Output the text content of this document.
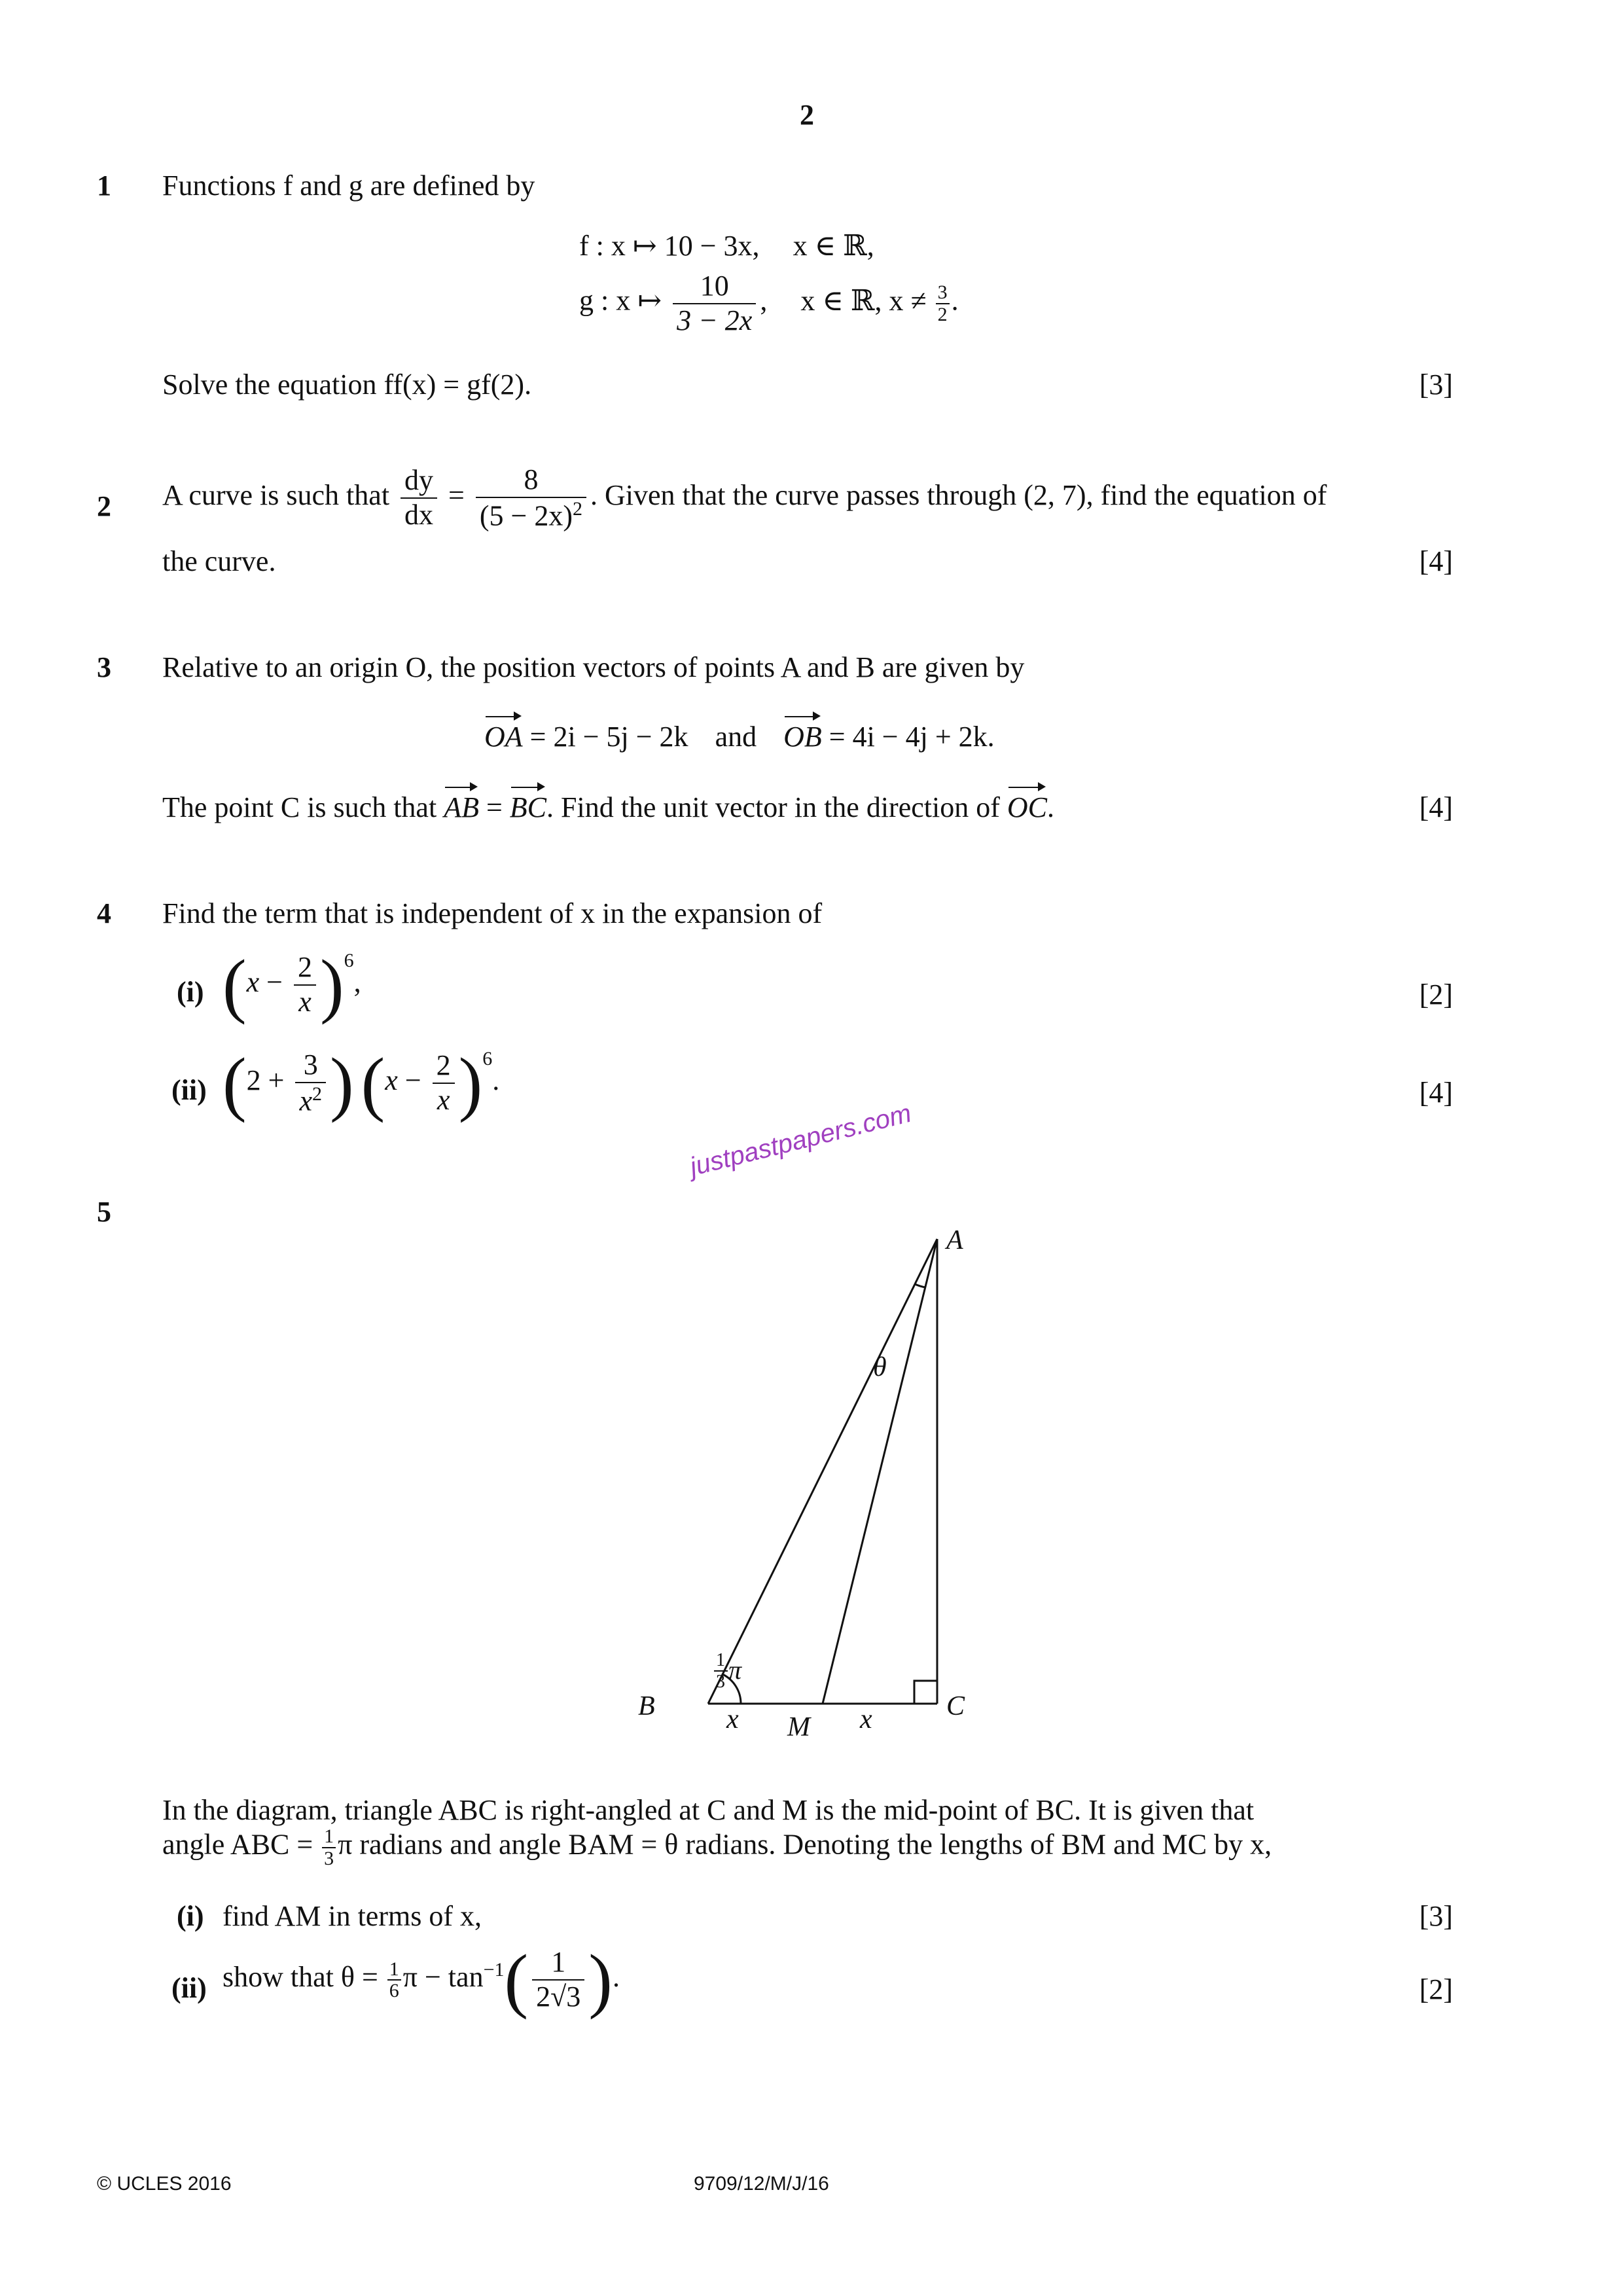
2
1 Functions f and g are defined by
f : x ↦ 10 − 3x, x ∈ ℝ,
g : x ↦ $\frac{10}{3 - 2x}$ , x ∈ ℝ, $x \ne \frac{3}{2}$ .
Solve the equation ff(x) = gf(2).	[3]
2 A curve is such that $\frac{dy}{dx} = \frac{8}{(5 - 2x)^2}$ . Given that the curve passes through (2, 7), find the equation of
the curve.	[4]
3 Relative to an origin O, the position vectors of points A and B are given by
OA = 2i − 5j − 2k and OB = 4i − 4j + 2k.
The point C is such that AB = BC. Find the unit vector in the direction of OC.	[4]
4 Find the term that is independent of x in the expansion of
(i) $(x - \frac{2}{x} )^6$,	[2]
(ii) ($2 + \frac{3}{x^2}$ ) $(x - \frac{2}{x} )^6$.	[4]
justpastpapers.com
5
A
B	C
M
θ
x	x
1
3 π
In the diagram, triangle ABC is right-angled at C and M is the mid-point of BC. It is given that
angle ABC = $\frac{1}{3}$ π radians and angle BAM = θ radians. Denoting the lengths of BM and MC by x,
(i) find AM in terms of x,	[3]
(ii) show that $\theta = \frac{1}{6}$ $\pi - \tan^{-1}( \frac{1}{2√3}$ ).	[2]
© UCLES 2016	9709/12/M/J/16
